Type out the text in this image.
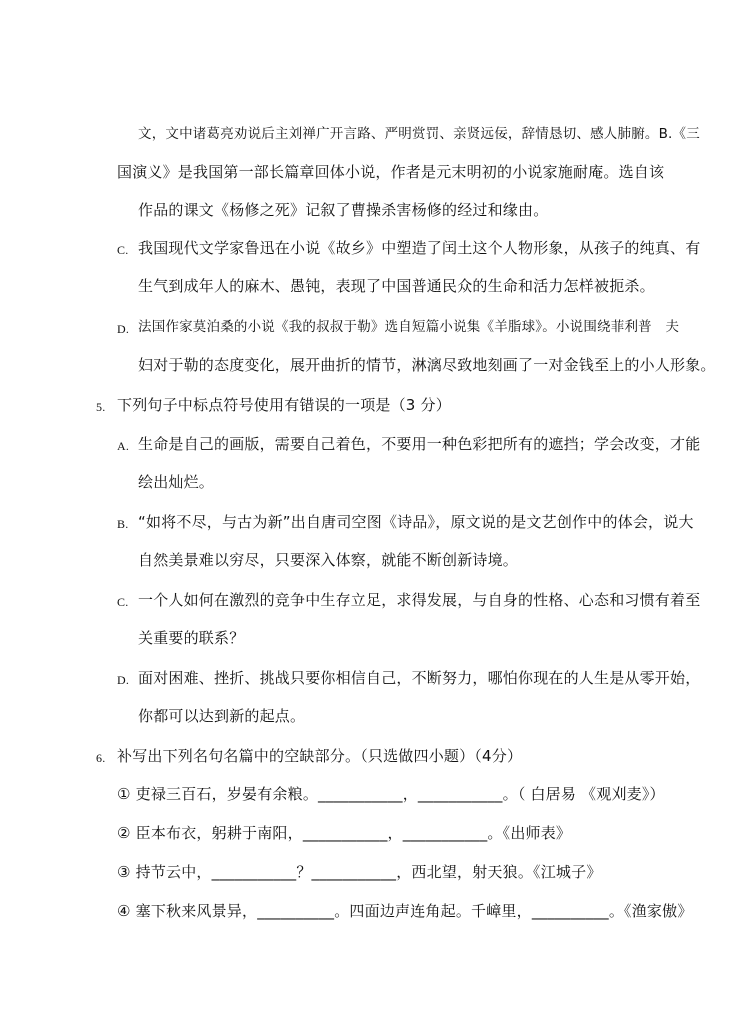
文，文中诸葛亮劝说后主刘禅广开言路、严明赏罚、亲贤远佞，辞情恳切、感人肺腑。B.《三
国演义》是我国第一部长篇章回体小说，作者是元末明初的小说家施耐庵。选自该
作品的课文《杨修之死》记叙了曹操杀害杨修的经过和缘由。
C. 我国现代文学家鲁迅在小说《故乡》中塑造了闰土这个人物形象，从孩子的纯真、有
生气到成年人的麻木、愚钝，表现了中国普通民众的生命和活力怎样被扼杀。
D. 法国作家莫泊桑的小说《我的叔叔于勒》选自短篇小说集《羊脂球》。小说围绕菲利普　夫
妇对于勒的态度变化，展开曲折的情节，淋漓尽致地刻画了一对金钱至上的小人形象。
5. 下列句子中标点符号使用有错误的一项是（3 分）
A. 生命是自己的画版，需要自己着色，不要用一种色彩把所有的遮挡；学会改变，才能
绘出灿烂。
B. “如将不尽，与古为新”出自唐司空图《诗品》，原文说的是文艺创作中的体会，说大
自然美景难以穷尽，只要深入体察，就能不断创新诗境。
C. 一个人如何在激烈的竞争中生存立足，求得发展，与自身的性格、心态和习惯有着至
关重要的联系？
D. 面对困难、挫折、挑战只要你相信自己，不断努力，哪怕你现在的人生是从零开始，
你都可以达到新的起点。
6. 补写出下列名句名篇中的空缺部分。（只选做四小题）（4分）
① 吏禄三百石，岁晏有余粮。___________，___________。（ 白居易 《观刈麦》）
② 臣本布衣，躬耕于南阳，___________，___________。《出师表》
③ 持节云中，___________？___________，西北望，射天狼。《江城子》
④ 塞下秋来风景异，__________。四面边声连角起。千嶂里，__________。《渔家傲》
